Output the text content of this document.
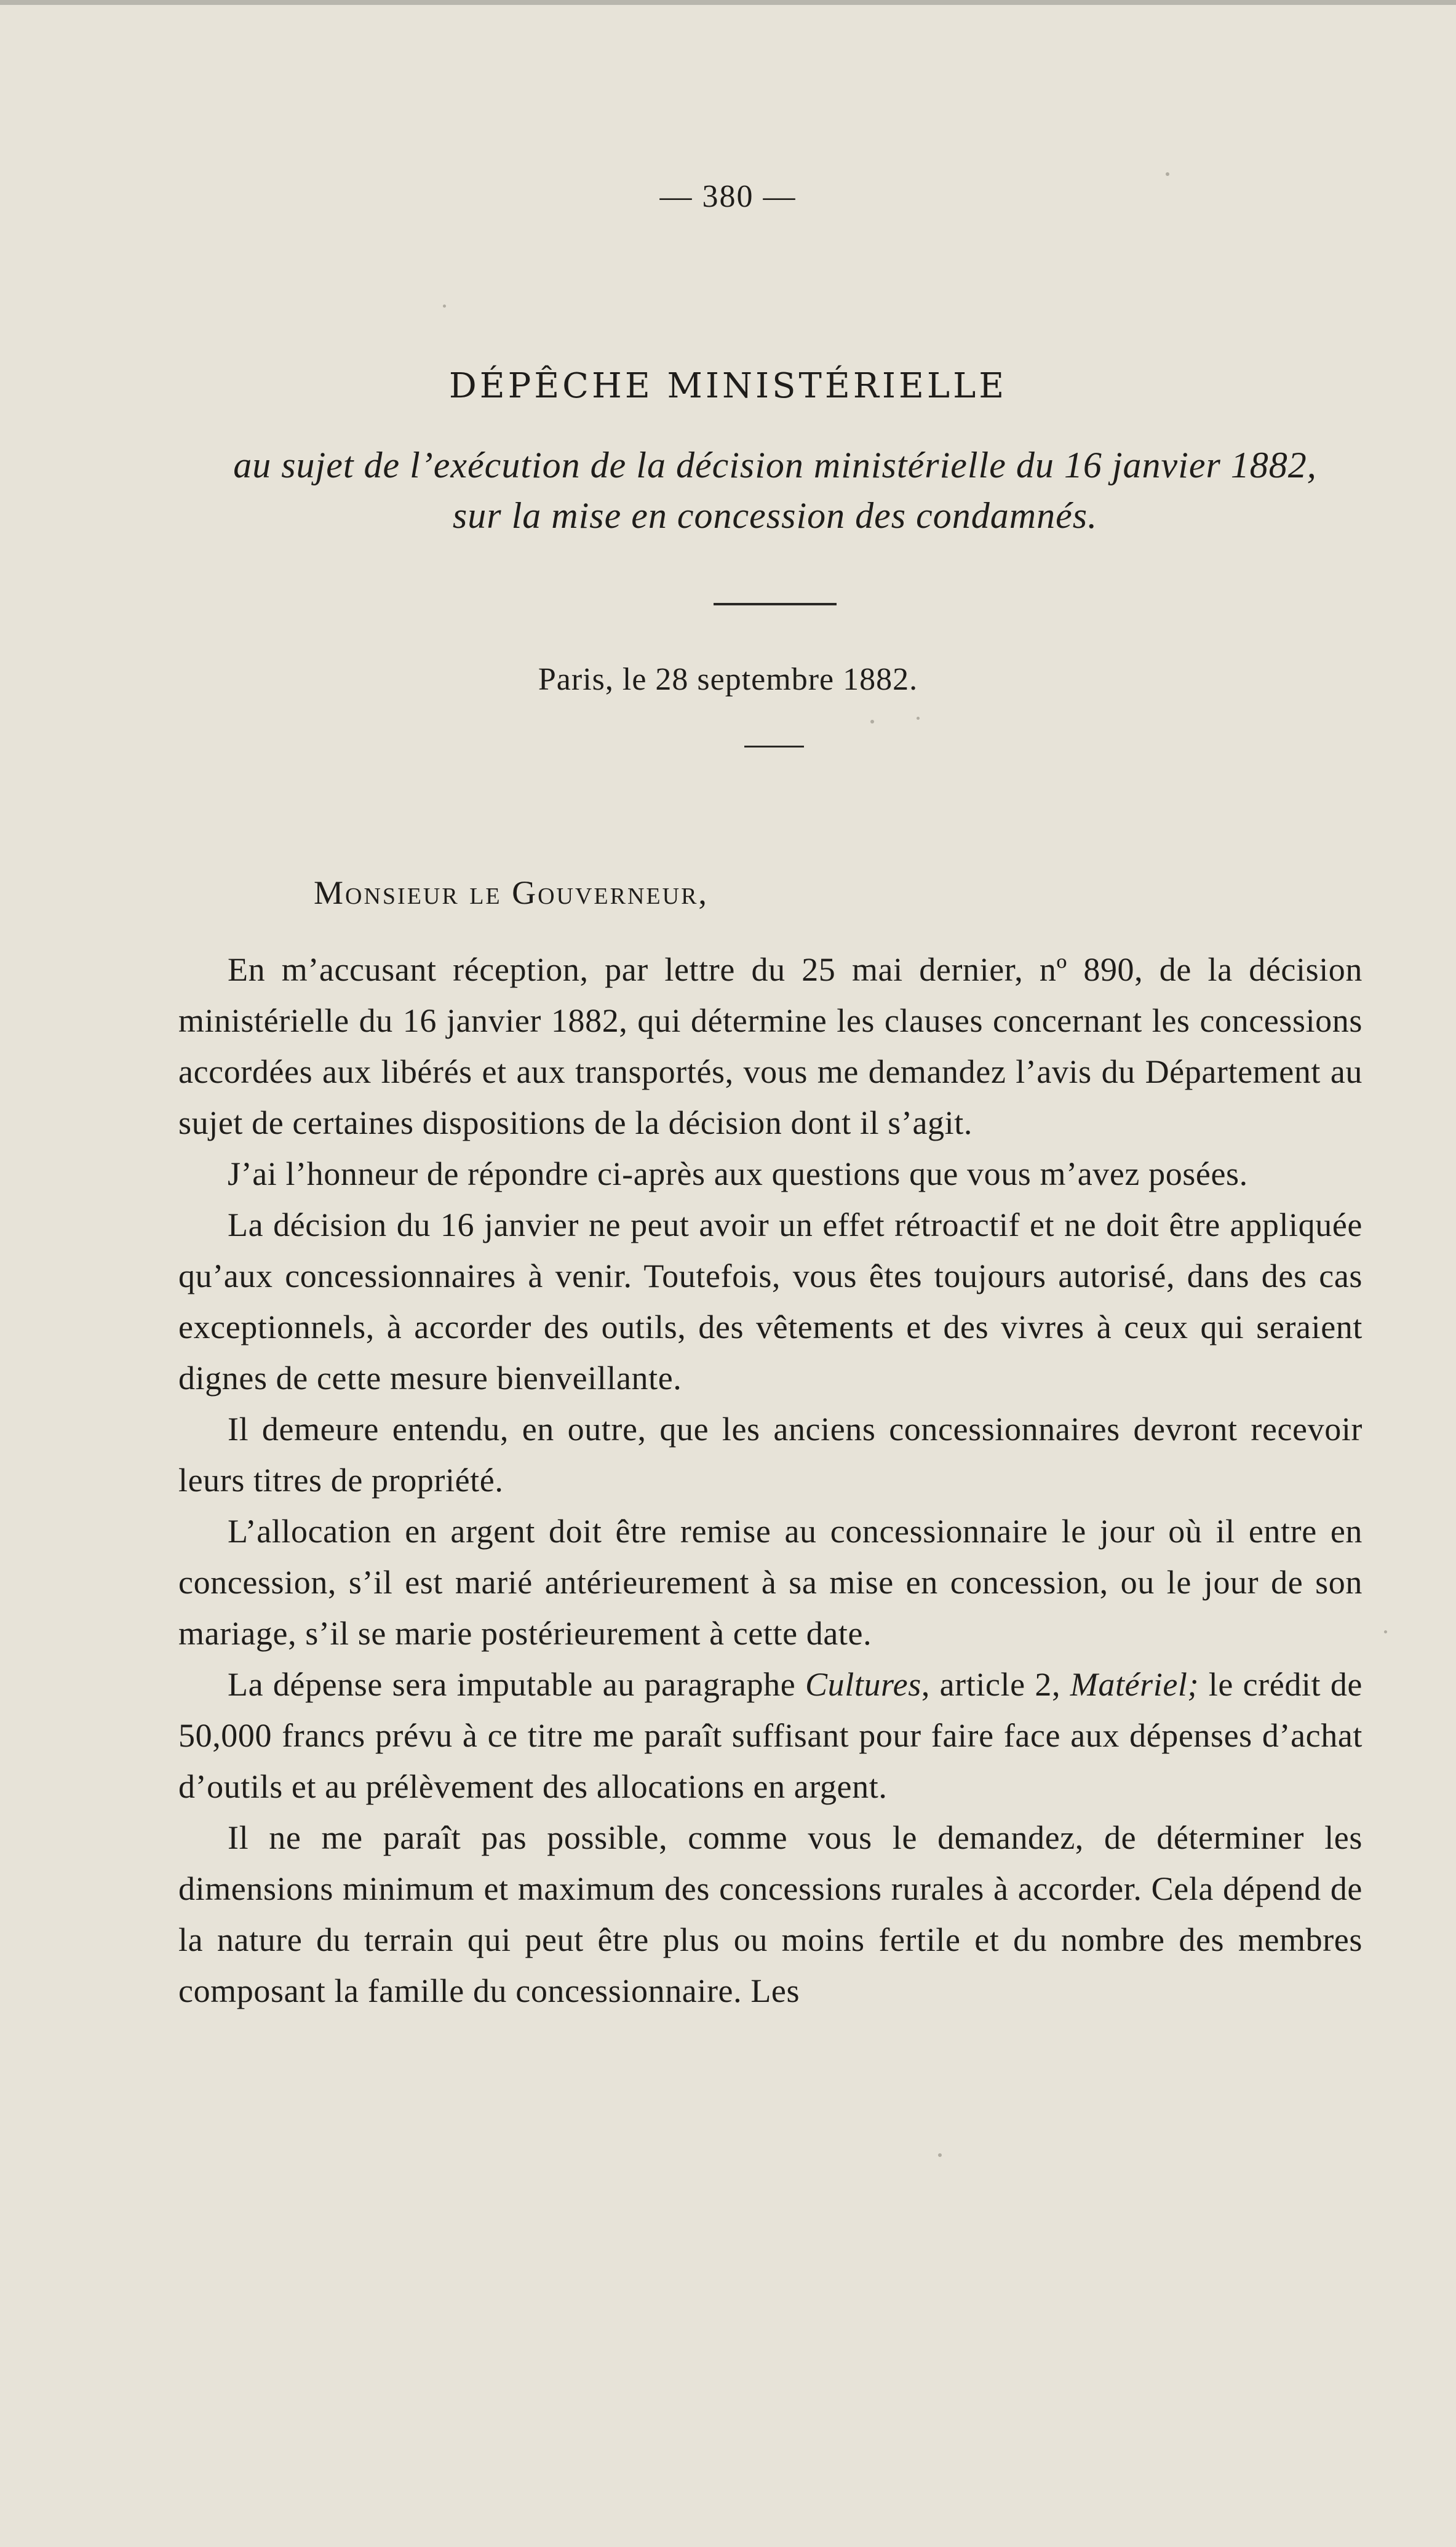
— 380 —
DÉPÊCHE MINISTÉRIELLE
au sujet de l’exécution de la décision ministérielle du 16 janvier 1882,
sur la mise en concession des condamnés.
Paris, le 28 septembre 1882.
Monsieur le Gouverneur,

En m’accusant réception, par lettre du 25 mai dernier, nº 890, de la décision ministérielle du 16 janvier 1882, qui détermine les clauses concernant les concessions accordées aux libérés et aux transportés, vous me demandez l’avis du Département au sujet de certaines dispositions de la décision dont il s’agit.

J’ai l’honneur de répondre ci-après aux questions que vous m’avez posées.

La décision du 16 janvier ne peut avoir un effet rétroactif et ne doit être appliquée qu’aux concessionnaires à venir. Toutefois, vous êtes toujours autorisé, dans des cas exceptionnels, à accorder des outils, des vêtements et des vivres à ceux qui seraient dignes de cette mesure bienveillante.

Il demeure entendu, en outre, que les anciens concessionnaires devront recevoir leurs titres de propriété.

L’allocation en argent doit être remise au concessionnaire le jour où il entre en concession, s’il est marié antérieurement à sa mise en concession, ou le jour de son mariage, s’il se marie postérieurement à cette date.

La dépense sera imputable au paragraphe Cultures, article 2, Matériel; le crédit de 50,000 francs prévu à ce titre me paraît suffisant pour faire face aux dépenses d’achat d’outils et au prélèvement des allocations en argent.

Il ne me paraît pas possible, comme vous le demandez, de déterminer les dimensions minimum et maximum des concessions rurales à accorder. Cela dépend de la nature du terrain qui peut être plus ou moins fertile et du nombre des membres composant la famille du concessionnaire. Les
